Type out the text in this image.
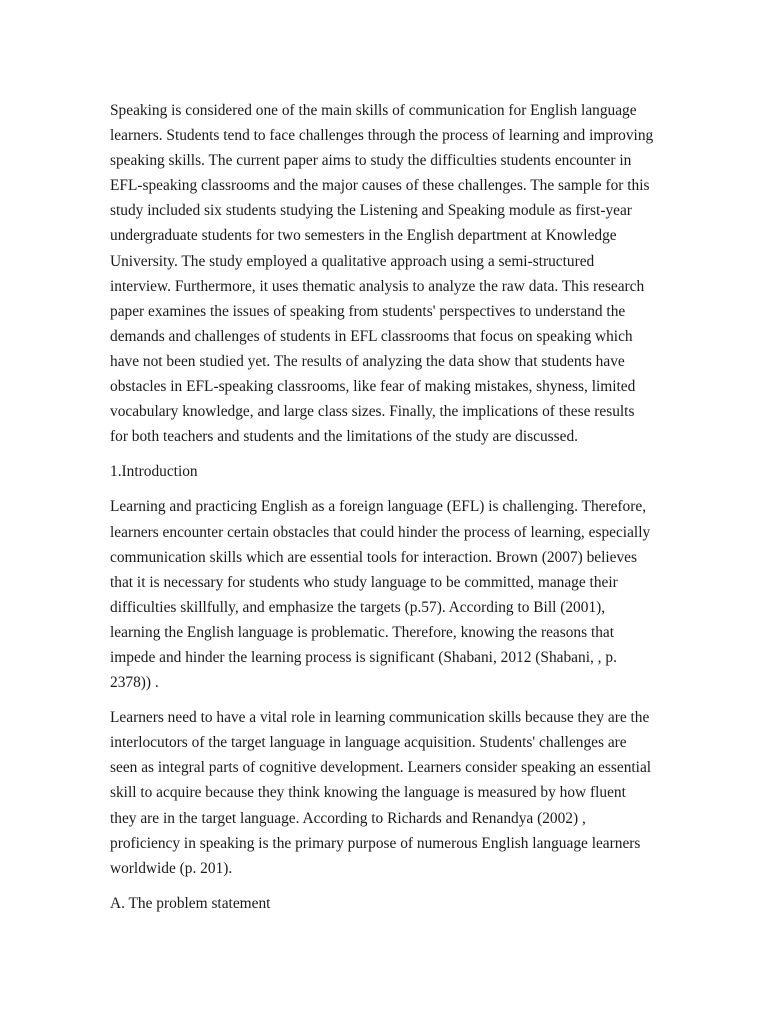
Speaking is considered one of the main skills of communication for English language
learners. Students tend to face challenges through the process of learning and improving
speaking skills. The current paper aims to study the difficulties students encounter in
EFL-speaking classrooms and the major causes of these challenges. The sample for this
study included six students studying the Listening and Speaking module as first-year
undergraduate students for two semesters in the English department at Knowledge
University. The study employed a qualitative approach using a semi-structured
interview. Furthermore, it uses thematic analysis to analyze the raw data. This research
paper examines the issues of speaking from students' perspectives to understand the
demands and challenges of students in EFL classrooms that focus on speaking which
have not been studied yet. The results of analyzing the data show that students have
obstacles in EFL-speaking classrooms, like fear of making mistakes, shyness, limited
vocabulary knowledge, and large class sizes. Finally, the implications of these results
for both teachers and students and the limitations of the study are discussed.
1.Introduction
Learning and practicing English as a foreign language (EFL) is challenging. Therefore,
learners encounter certain obstacles that could hinder the process of learning, especially
communication skills which are essential tools for interaction. Brown (2007) believes
that it is necessary for students who study language to be committed, manage their
difficulties skillfully, and emphasize the targets (p.57). According to Bill (2001),
learning the English language is problematic. Therefore, knowing the reasons that
impede and hinder the learning process is significant (Shabani, 2012 (Shabani, , p.
2378)) .
Learners need to have a vital role in learning communication skills because they are the
interlocutors of the target language in language acquisition. Students' challenges are
seen as integral parts of cognitive development. Learners consider speaking an essential
skill to acquire because they think knowing the language is measured by how fluent
they are in the target language. According to Richards and Renandya (2002) ,
proficiency in speaking is the primary purpose of numerous English language learners
worldwide (p. 201).
A. The problem statement
